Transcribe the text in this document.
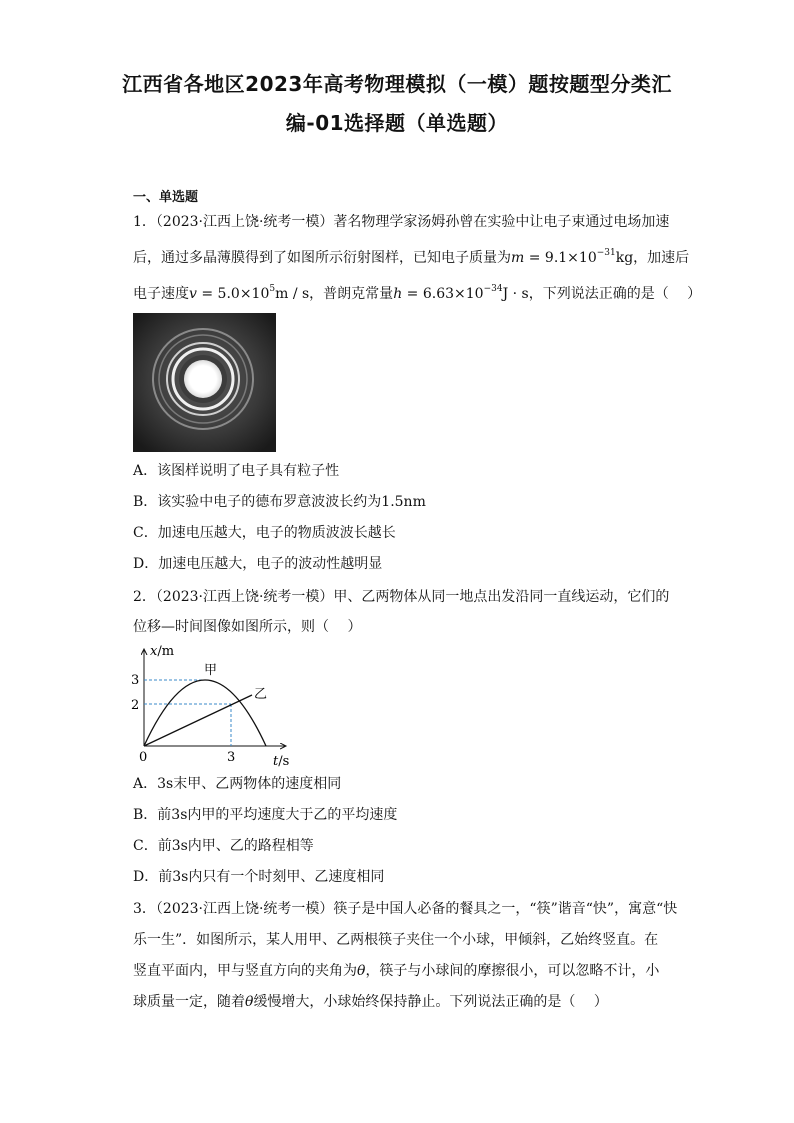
江西省各地区2023年高考物理模拟（一模）题按题型分类汇
编-01选择题（单选题）
一、单选题
1．（2023·江西上饶·统考一模）著名物理学家汤姆孙曾在实验中让电子束通过电场加速
后，通过多晶薄膜得到了如图所示衍射图样，已知电子质量为$m = 9.1\times 10^{-31}kg$，加速后
电子速度$v = 5.0\times 10^5m / s$，普朗克常量$h = 6.63\times 10^{-34}J \cdot s$，下列说法正确的是（　 ）
A．该图样说明了电子具有粒子性
B．该实验中电子的德布罗意波波长约为1.5nm
C．加速电压越大，电子的物质波波长越长
D．加速电压越大，电子的波动性越明显
2．（2023·江西上饶·统考一模）甲、乙两物体从同一地点出发沿同一直线运动，它们的
位移—时间图像如图所示，则（　 ）
x/m
3
2
0	3	t/s
甲
乙
A．3s末甲、乙两物体的速度相同
B．前3s内甲的平均速度大于乙的平均速度
C．前3s内甲、乙的路程相等
D．前3s内只有一个时刻甲、乙速度相同
3．（2023·江西上饶·统考一模）筷子是中国人必备的餐具之一，“筷”谐音“快”，寓意“快
乐一生”．如图所示，某人用甲、乙两根筷子夹住一个小球，甲倾斜，乙始终竖直。在
竖直平面内，甲与竖直方向的夹角为θ，筷子与小球间的摩擦很小，可以忽略不计，小
球质量一定，随着θ缓慢增大，小球始终保持静止。下列说法正确的是（　 ）
